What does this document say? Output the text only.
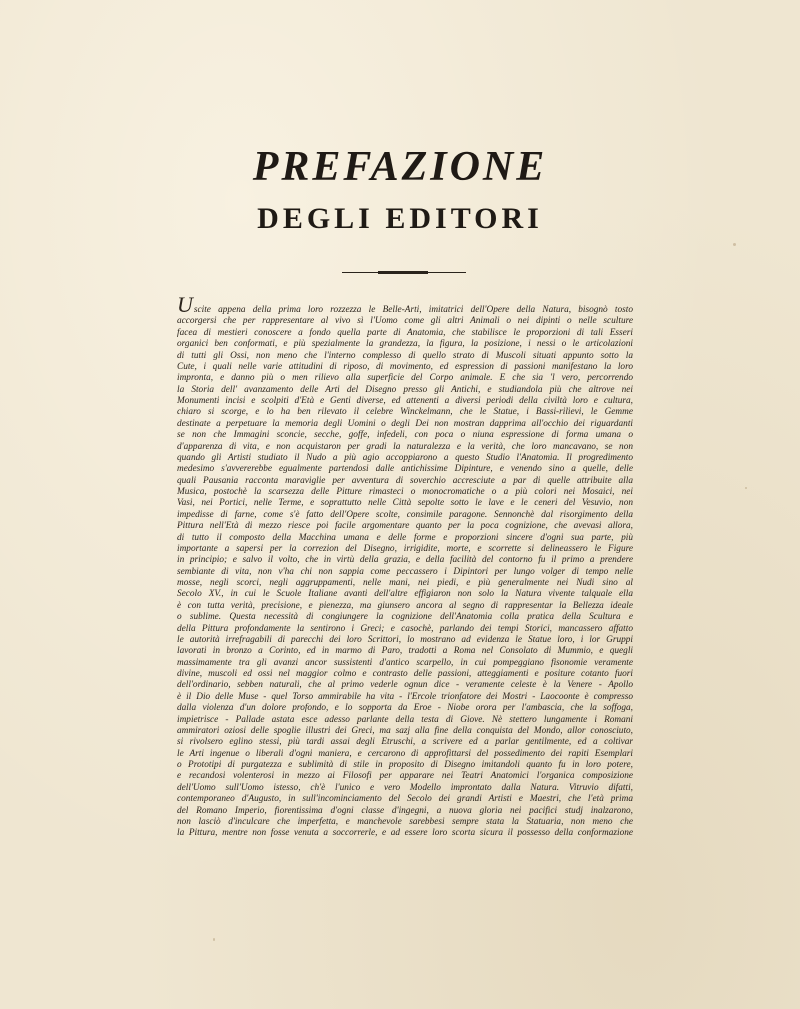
PREFAZIONE
DEGLI EDITORI
Uscite appena della prima loro rozzezza le Belle-Arti, imitatrici dell'Opere della Natura, bisognò tosto
accorgersi che per rappresentare al vivo sì l'Uomo come gli altri Animali o nei dipinti o nelle sculture
facea di mestieri conoscere a fondo quella parte di Anatomia, che stabilisce le proporzioni di tali Esseri
organici ben conformati, e più spezialmente la grandezza, la figura, la posizione, i nessi o le articolazioni
di tutti gli Ossi, non meno che l'interno complesso di quello strato di Muscoli situati appunto sotto la
Cute, i quali nelle varie attitudini di riposo, di movimento, ed espression di passioni manifestano la loro
impronta, e danno più o men rilievo alla superficie del Corpo animale. E che sia 'l vero, percorrendo
la Storia dell' avanzamento delle Arti del Disegno presso gli Antichi, e studiandola più che altrove nei
Monumenti incisi e scolpiti d'Età e Genti diverse, ed attenenti a diversi periodi della civiltà loro e cultura,
chiaro si scorge, e lo ha ben rilevato il celebre Winckelmann, che le Statue, i Bassi-rilievi, le Gemme
destinate a perpetuare la memoria degli Uomini o degli Dei non mostran dapprima all'occhio dei riguardanti
se non che Immagini sconcie, secche, goffe, infedeli, con poca o niuna espressione di forma umana o
d'apparenza di vita, e non acquistaron per gradi la naturalezza e la verità, che loro mancavano, se non
quando gli Artisti studiato il Nudo a più agio accoppiarono a questo Studio l'Anatomia. Il progredimento
medesimo s'avvererebbe egualmente partendosi dalle antichissime Dipinture, e venendo sino a quelle, delle
quali Pausania racconta maraviglie per avventura di soverchio accresciute a par di quelle attribuite alla
Musica, postochè la scarsezza delle Pitture rimasteci o monocromatiche o a più colori nei Mosaici, nei
Vasi, nei Portici, nelle Terme, e soprattutto nelle Città sepolte sotto le lave e le ceneri del Vesuvio, non
impedisse di farne, come s'è fatto dell'Opere scolte, consimile paragone. Sennonchè dal risorgimento della
Pittura nell'Età di mezzo riesce poi facile argomentare quanto per la poca cognizione, che avevasi allora,
di tutto il composto della Macchina umana e delle forme e proporzioni sincere d'ogni sua parte, più
importante a sapersi per la correzion del Disegno, irrigidite, morte, e scorrette si delineassero le Figure
in principio; e salvo il volto, che in virtù della grazia, e della facilità del contorno fu il primo a prendere
sembiante di vita, non v'ha chi non sappia come peccassero i Dipintori per lungo volger di tempo nelle
mosse, negli scorci, negli aggruppamenti, nelle mani, nei piedi, e più generalmente nei Nudi sino al
Secolo XV., in cui le Scuole Italiane avanti dell'altre effigiaron non solo la Natura vivente talquale ella
è con tutta verità, precisione, e pienezza, ma giunsero ancora al segno di rappresentar la Bellezza ideale
o sublime. Questa necessità di congiungere la cognizione dell'Anatomia colla pratica della Scultura e
della Pittura profondamente la sentirono i Greci; e casochè, parlando dei tempi Storici, mancassero affatto
le autorità irrefragabili di parecchi dei loro Scrittori, lo mostrano ad evidenza le Statue loro, i lor Gruppi
lavorati in bronzo a Corinto, ed in marmo di Paro, tradotti a Roma nel Consolato di Mummio, e quegli
massimamente tra gli avanzi ancor sussistenti d'antico scarpello, in cui pompeggiano fisonomie veramente
divine, muscoli ed ossi nel maggior colmo e contrasto delle passioni, atteggiamenti e positure cotanto fuori
dell'ordinario, sebben naturali, che al primo vederle ognun dice - veramente celeste è la Venere - Apollo
è il Dio delle Muse - quel Torso ammirabile ha vita - l'Ercole trionfatore dei Mostri - Laocoonte è compresso
dalla violenza d'un dolore profondo, e lo sopporta da Eroe - Niobe orora per l'ambascia, che la soffoga,
impietrisce - Pallade astata esce adesso parlante della testa di Giove. Nè stettero lungamente i Romani
ammiratori oziosi delle spoglie illustri dei Greci, ma sazj alla fine della conquista del Mondo, allor conosciuto,
si rivolsero eglino stessi, più tardi assai degli Etruschi, a scrivere ed a parlar gentilmente, ed a coltivar
le Arti ingenue o liberali d'ogni maniera, e cercarono di approfittarsi del possedimento dei rapiti Esemplari
o Prototipi di purgatezza e sublimità di stile in proposito di Disegno imitandoli quanto fu in loro potere,
e recandosi volenterosi in mezzo ai Filosofi per apparare nei Teatri Anatomici l'organica composizione
dell'Uomo sull'Uomo istesso, ch'è l'unico e vero Modello improntato dalla Natura. Vitruvio difatti,
contemporaneo d'Augusto, in sull'incominciamento del Secolo dei grandi Artisti e Maestri, che l'età prima
del Romano Imperio, fiorentissima d'ogni classe d'ingegni, a nuova gloria nei pacifici studj inalzarono,
non lasciò d'inculcare che imperfetta, e manchevole sarebbesi sempre stata la Statuaria, non meno che
la Pittura, mentre non fosse venuta a soccorrerle, e ad essere loro scorta sicura il possesso della conformazione
